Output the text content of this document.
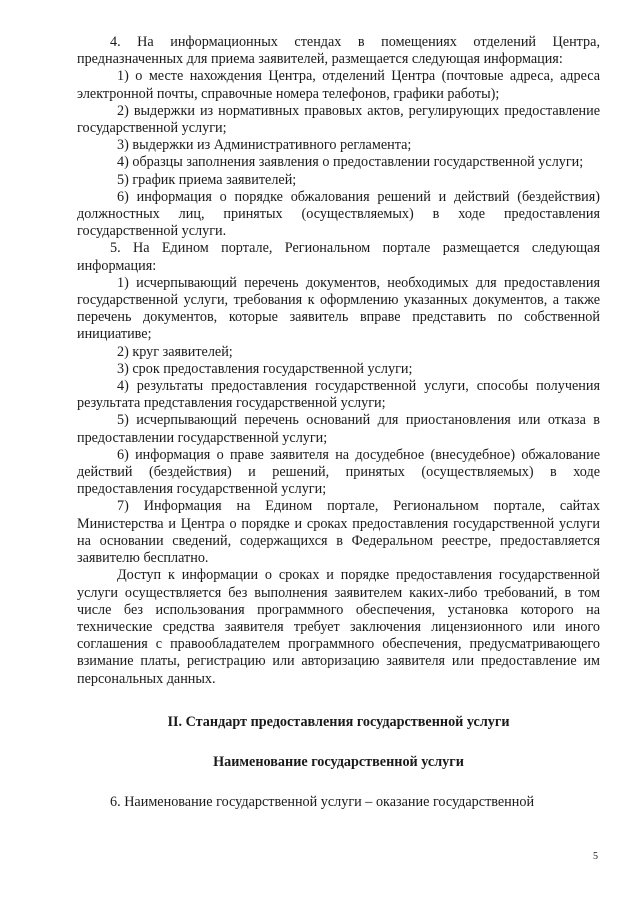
4. На информационных стендах в помещениях отделений Центра, предназначенных для приема заявителей, размещается следующая информация:

1) о месте нахождения Центра, отделений Центра (почтовые адреса, адреса электронной почты, справочные номера телефонов, графики работы);

2) выдержки из нормативных правовых актов, регулирующих предоставление государственной услуги;

3) выдержки из Административного регламента;

4) образцы заполнения заявления о предоставлении государственной услуги;

5) график приема заявителей;

6) информация о порядке обжалования решений и действий (бездействия) должностных лиц, принятых (осуществляемых) в ходе предоставления государственной услуги.

5. На Едином портале, Региональном портале размещается следующая информация:

1) исчерпывающий перечень документов, необходимых для предоставления государственной услуги, требования к оформлению указанных документов, а также перечень документов, которые заявитель вправе представить по собственной инициативе;

2) круг заявителей;

3) срок предоставления государственной услуги;

4) результаты предоставления государственной услуги, способы получения результата представления государственной услуги;

5) исчерпывающий перечень оснований для приостановления или отказа в предоставлении государственной услуги;

6) информация о праве заявителя на досудебное (внесудебное) обжалование действий (бездействия) и решений, принятых (осуществляемых) в ходе предоставления государственной услуги;

7) Информация на Едином портале, Региональном портале, сайтах Министерства и Центра о порядке и сроках предоставления государственной услуги на основании сведений, содержащихся в Федеральном реестре, предоставляется заявителю бесплатно.

Доступ к информации о сроках и порядке предоставления государственной услуги осуществляется без выполнения заявителем каких-либо требований, в том числе без использования программного обеспечения, установка которого на технические средства заявителя требует заключения лицензионного или иного соглашения с правообладателем программного обеспечения, предусматривающего взимание платы, регистрацию или авторизацию заявителя или предоставление им персональных данных.

II. Стандарт предоставления государственной услуги

Наименование государственной услуги

6. Наименование государственной услуги – оказание государственной

5
